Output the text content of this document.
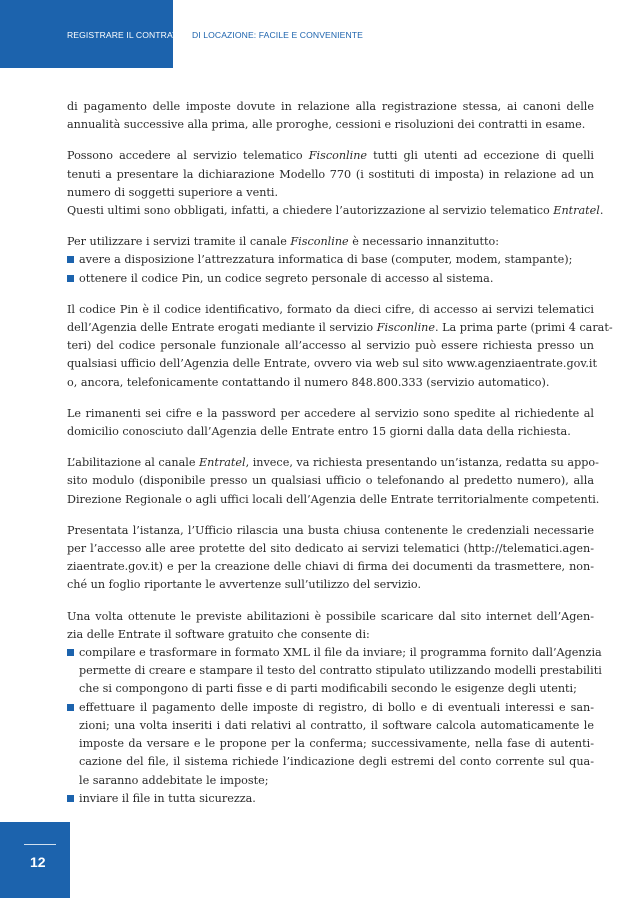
REGISTRARE IL CONTRATTO DI LOCAZIONE: FACILE E CONVENIENTE
di pagamento delle imposte dovute in relazione alla registrazione stessa, ai canoni delle
annualità successive alla prima, alle proroghe, cessioni e risoluzioni dei contratti in esame.
Possono accedere al servizio telematico Fisconline tutti gli utenti ad eccezione di quelli
tenuti a presentare la dichiarazione Modello 770 (i sostituti di imposta) in relazione ad un
numero di soggetti superiore a venti.
Questi ultimi sono obbligati, infatti, a chiedere l’autorizzazione al servizio telematico Entratel.
Per utilizzare i servizi tramite il canale Fisconline è necessario innanzitutto:
avere a disposizione l’attrezzatura informatica di base (computer, modem, stampante);
ottenere il codice Pin, un codice segreto personale di accesso al sistema.
Il codice Pin è il codice identificativo, formato da dieci cifre, di accesso ai servizi telematici
dell’Agenzia delle Entrate erogati mediante il servizio Fisconline. La prima parte (primi 4 carat-
teri) del codice personale funzionale all’accesso al servizio può essere richiesta presso un
qualsiasi ufficio dell’Agenzia delle Entrate, ovvero via web sul sito www.agenziaentrate.gov.it
o, ancora, telefonicamente contattando il numero 848.800.333 (servizio automatico).
Le rimanenti sei cifre e la password per accedere al servizio sono spedite al richiedente al
domicilio conosciuto dall’Agenzia delle Entrate entro 15 giorni dalla data della richiesta.
L’abilitazione al canale Entratel, invece, va richiesta presentando un’istanza, redatta su appo-
sito modulo (disponibile presso un qualsiasi ufficio o telefonando al predetto numero), alla
Direzione Regionale o agli uffici locali dell’Agenzia delle Entrate territorialmente competenti.
Presentata l’istanza, l’Ufficio rilascia una busta chiusa contenente le credenziali necessarie
per l’accesso alle aree protette del sito dedicato ai servizi telematici (http://telematici.agen-
ziaentrate.gov.it) e per la creazione delle chiavi di firma dei documenti da trasmettere, non-
ché un foglio riportante le avvertenze sull’utilizzo del servizio.
Una volta ottenute le previste abilitazioni è possibile scaricare dal sito internet dell’Agen-
zia delle Entrate il software gratuito che consente di:
compilare e trasformare in formato XML il file da inviare; il programma fornito dall’Agenzia
permette di creare e stampare il testo del contratto stipulato utilizzando modelli prestabiliti
che si compongono di parti fisse e di parti modificabili secondo le esigenze degli utenti;
effettuare il pagamento delle imposte di registro, di bollo e di eventuali interessi e san-
zioni; una volta inseriti i dati relativi al contratto, il software calcola automaticamente le
imposte da versare e le propone per la conferma; successivamente, nella fase di autenti-
cazione del file, il sistema richiede l’indicazione degli estremi del conto corrente sul qua-
le saranno addebitate le imposte;
inviare il file in tutta sicurezza.
12
